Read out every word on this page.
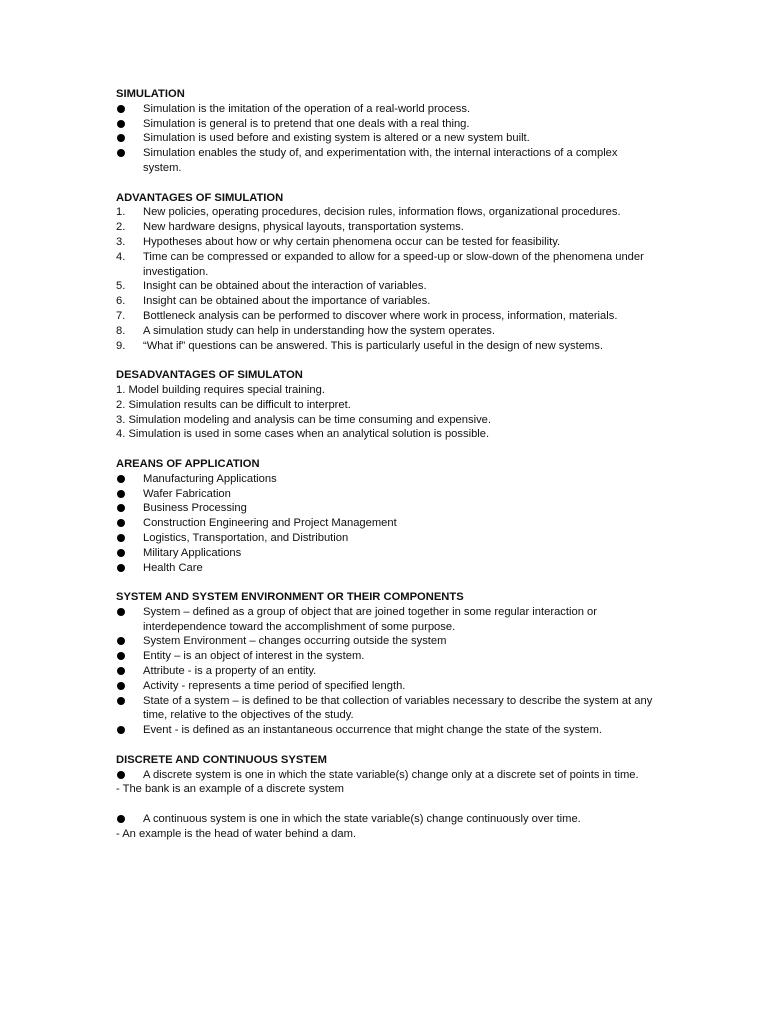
SIMULATION
Simulation is the imitation of the operation of a real-world process.
Simulation is general is to pretend that one deals with a real thing.
Simulation is used before and existing system is altered or a new system built.
Simulation enables the study of, and experimentation with, the internal interactions of a complex system.
ADVANTAGES OF SIMULATION
1. New policies, operating procedures, decision rules, information flows, organizational procedures.
2. New hardware designs, physical layouts, transportation systems.
3. Hypotheses about how or why certain phenomena occur can be tested for feasibility.
4. Time can be compressed or expanded to allow for a speed-up or slow-down of the phenomena under investigation.
5. Insight can be obtained about the interaction of variables.
6. Insight can be obtained about the importance of variables.
7. Bottleneck analysis can be performed to discover where work in process, information, materials.
8. A simulation study can help in understanding how the system operates.
9. “What if” questions can be answered. This is particularly useful in the design of new systems.
DESADVANTAGES OF SIMULATON

1. Model building requires special training.

2. Simulation results can be difficult to interpret.

3. Simulation modeling and analysis can be time consuming and expensive.

4. Simulation is used in some cases when an analytical solution is possible.

AREANS OF APPLICATION
Manufacturing Applications
Wafer Fabrication
Business Processing
Construction Engineering and Project Management
Logistics, Transportation, and Distribution
Military Applications
Health Care
SYSTEM AND SYSTEM ENVIRONMENT OR THEIR COMPONENTS
System – defined as a group of object that are joined together in some regular interaction or interdependence toward the accomplishment of some purpose.
System Environment – changes occurring outside the system
Entity – is an object of interest in the system.
Attribute - is a property of an entity.
Activity - represents a time period of specified length.
State of a system – is defined to be that collection of variables necessary to describe the system at any time, relative to the objectives of the study.
Event - is defined as an instantaneous occurrence that might change the state of the system.
DISCRETE AND CONTINUOUS SYSTEM
A discrete system is one in which the state variable(s) change only at a discrete set of points in time.

- The bank is an example of a discrete system

A continuous system is one in which the state variable(s) change continuously over time.

- An example is the head of water behind a dam.
